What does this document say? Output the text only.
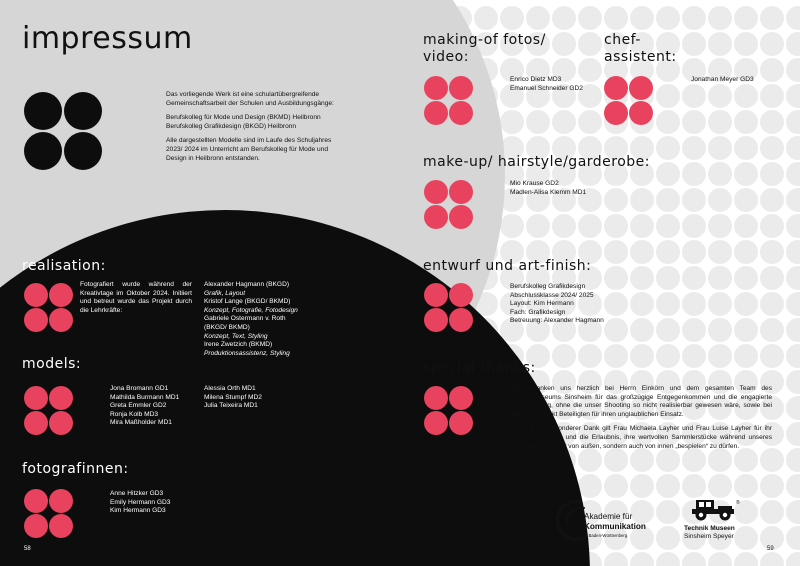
impressum

Das vorliegende Werk ist eine schulartübergreifende Gemeinschaftsarbeit der Schulen und Ausbildungsgänge:

Berufskolleg für Mode und Design (BKMD) Heilbronn Berufskolleg Grafikdesign (BKGD) Heilbronn

Alle dargestellten Modelle sind im Laufe des Schuljahres 2023/ 2024 im Unterricht am Berufskolleg für Mode und Design in Heilbronn entstanden.

realisation:
Fotografiert wurde während der Kreativtage im Oktober 2024. Initiiert und betreut wurde das Projekt durch die Lehrkräfte:
Alexander Hagmann (BKGD)
Grafik, Layout
Kristof Lange (BKGD/ BKMD)
Konzept, Fotografie, Fotodesign
Gabriele Ostermann v. Roth
(BKGD/ BKMD)
Konzept, Text, Styling
Irene Zwetzich (BKMD)
Produktionsassistenz, Styling
models:
Jona Bromann GD1
Mathilda Burmann MD1
Greta Emmler GD2
Ronja Kolb MD3
Mira Maßholder MD1
Alessia Orth MD1
Milena Stumpf MD2
Julia Teixeira MD1
fotografinnen:
Anne Hitzker GD3
Emily Hermann GD3
Kim Hermann GD3
58
making-of fotos/
video:
Enrico Dietz MD3
Emanuel Schneider GD2
chef-
assistent:
Jonathan Meyer GD3
make-up/ hairstyle/garderobe:
Mio Krause GD2
Madlen-Alisa Klemm MD1
entwurf und art-finish:
Berufskolleg Grafikdesign
Abschlussklasse 2024/ 2025
Layout: Kim Hermann
Fach: Grafikdesign
Betreuung: Alexander Hagmann
special thanks:

Wir bedanken uns herzlich bei Herrn Einkörn und dem gesamten Team des Technikmuseums Sinsheim für das großzügige Entgegenkommen und die engagierte Unterstützung, ohne die unser Shooting so nicht realisierbar gewesen wäre, sowie bei allen am Projekt Beteiligten für ihren unglaublichen Einsatz.

Unser ganz besonderer Dank gilt Frau Michaela Layher und Frau Luise Layher für ihr großes Vertrauen und die Erlaubnis, ihre wertvollen Sammlerstücke während unseres Shootings nicht nur von außen, sondern auch von innen „bespielen“ zu dürfen.

Danke!

Akademie für
Kommunikation
in Baden-Württemberg
®
Technik Museen
Sinsheim Speyer
59
